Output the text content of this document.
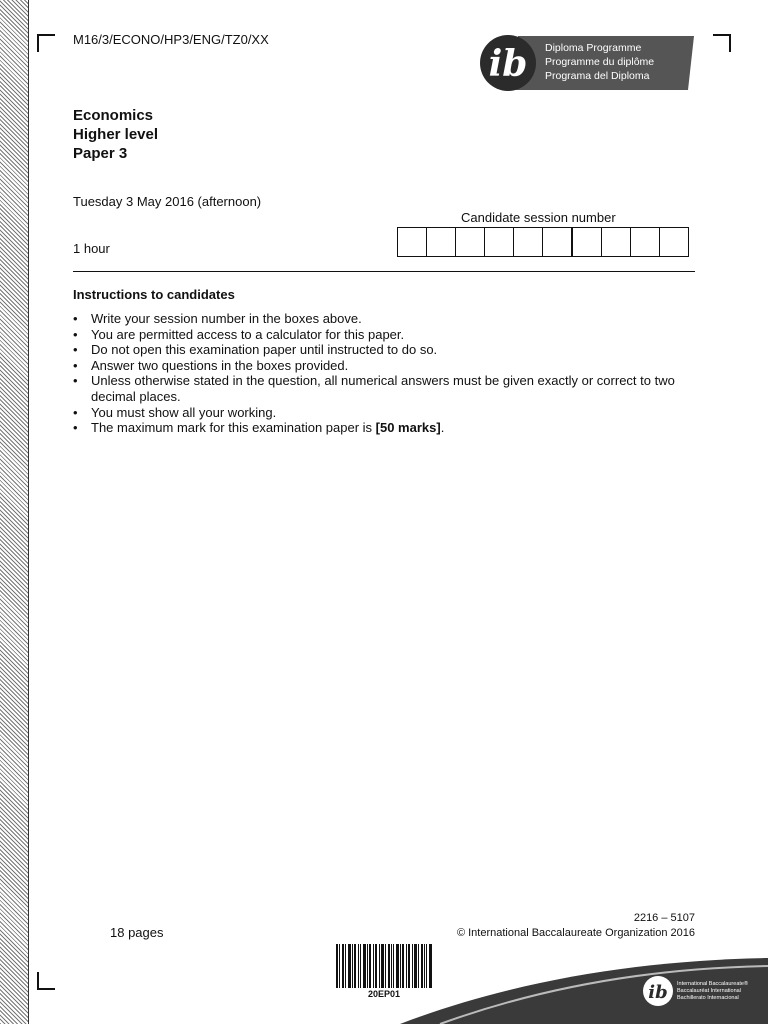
M16/3/ECONO/HP3/ENG/TZ0/XX
ib Diploma Programme
Programme du diplôme
Programa del Diploma
Economics
Higher level
Paper 3
Tuesday 3 May 2016 (afternoon)
1 hour
Candidate session number
Instructions to candidates
• Write your session number in the boxes above.
• You are permitted access to a calculator for this paper.
• Do not open this examination paper until instructed to do so.
• Answer two questions in the boxes provided.
• Unless otherwise stated in the question, all numerical answers must be given exactly or correct to two decimal places.
• You must show all your working.
• The maximum mark for this examination paper is [50 marks].
18 pages
2216 – 5107
© International Baccalaureate Organization 2016
20EP01	ib International Baccalaureate®
Baccalauréat International
Bachillerato Internacional
